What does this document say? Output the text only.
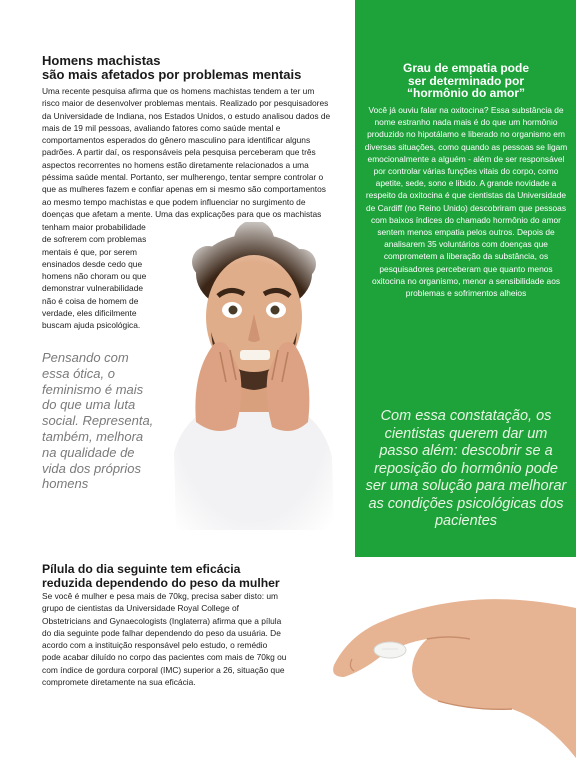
Homens machistas
são mais afetados por problemas mentais
Uma recente pesquisa afirma que os homens machistas tendem a ter um risco maior de desenvolver problemas mentais. Realizado por pesquisadores da Universidade de Indiana, nos Estados Unidos, o estudo analisou dados de mais de 19 mil pessoas, avaliando fatores como saúde mental e comportamentos esperados do gênero masculino para identificar alguns padrões. A partir daí, os responsáveis pela pesquisa perceberam que três aspectos recorrentes no homens estão diretamente relacionados a uma péssima saúde mental. Portanto, ser mulherengo, tentar sempre controlar o que as mulheres fazem e confiar apenas em si mesmo são comportamentos ao mesmo tempo machistas e que podem influenciar no surgimento de doenças que afetam a mente. Uma das explicações para que os machistas
tenham maior probabilidade de sofrerem com problemas mentais é que, por serem ensinados desde cedo que homens não choram ou que demonstrar vulnerabilidade não é coisa de homem de verdade, eles dificilmente buscam ajuda psicológica.
Pensando com essa ótica, o feminismo é mais do que uma luta social. Representa, também, melhora na qualidade de vida dos próprios homens
Grau de empatia pode
ser determinado por
“hormônio do amor”
Você já ouviu falar na oxitocina? Essa substância de nome estranho nada mais é do que um hormônio produzido no hipotálamo e liberado no organismo em diversas situações, como quando as pessoas se ligam emocionalmente a alguém - além de ser responsável por controlar várias funções vitais do corpo, como apetite, sede, sono e libido. A grande novidade a respeito da oxitocina é que cientistas da Universidade de Cardiff (no Reino Unido) descobriram que pessoas com baixos índices do chamado hormônio do amor sentem menos empatia pelos outros. Depois de analisarem 35 voluntários com doenças que comprometem a liberação da substância, os pesquisadores perceberam que quanto menos oxitocina no organismo, menor a sensibilidade aos problemas e sofrimentos alheios
Com essa constatação, os cientistas querem dar um passo além: descobrir se a reposição do hormônio pode ser uma solução para melhorar as condições psicológicas dos pacientes
Pílula do dia seguinte tem eficácia
reduzida dependendo do peso da mulher
Se você é mulher e pesa mais de 70kg, precisa saber disto: um grupo de cientistas da Universidade Royal College of Obstetricians and Gynaecologists (Inglaterra) afirma que a pílula do dia seguinte pode falhar dependendo do peso da usuária. De acordo com a instituição responsável pelo estudo, o remédio pode acabar diluído no corpo das pacientes com mais de 70kg ou com índice de gordura corporal (IMC) superior a 26, situação que compromete diretamente na sua eficácia.
